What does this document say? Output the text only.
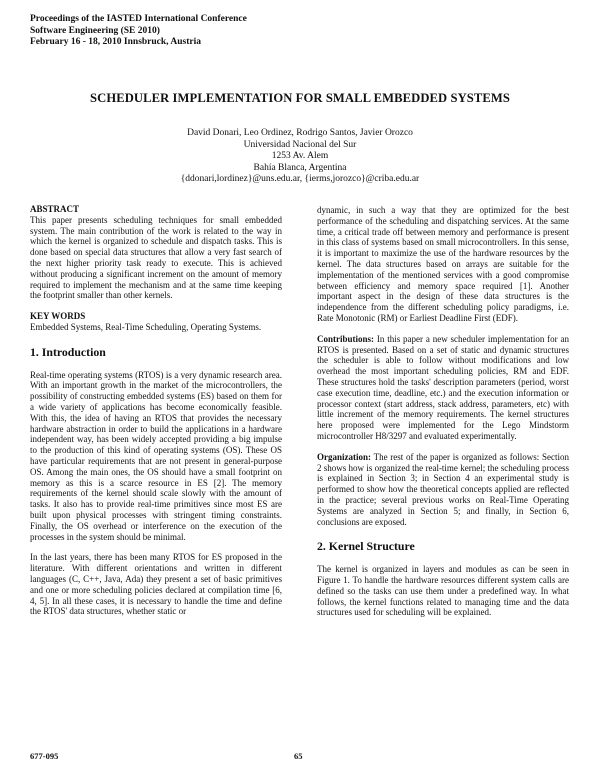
Proceedings of the IASTED International Conference
Software Engineering (SE 2010)
February 16 - 18, 2010 Innsbruck, Austria
SCHEDULER IMPLEMENTATION FOR SMALL EMBEDDED SYSTEMS
David Donari, Leo Ordinez, Rodrigo Santos, Javier Orozco
Universidad Nacional del Sur
1253 Av. Alem
Bahía Blanca, Argentina
{ddonari,lordinez}@uns.edu.ar, {ierms,jorozco}@criba.edu.ar
ABSTRACT

This paper presents scheduling techniques for small embedded system. The main contribution of the work is related to the way in which the kernel is organized to schedule and dispatch tasks. This is done based on special data structures that allow a very fast search of the next higher priority task ready to execute. This is achieved without producing a significant increment on the amount of memory required to implement the mechanism and at the same time keeping the footprint smaller than other kernels.

KEY WORDS

Embedded Systems, Real-Time Scheduling, Operating Systems.

1. Introduction

Real-time operating systems (RTOS) is a very dynamic research area. With an important growth in the market of the microcontrollers, the possibility of constructing embedded systems (ES) based on them for a wide variety of applications has become economically feasible. With this, the idea of having an RTOS that provides the necessary hardware abstraction in order to build the applications in a hardware independent way, has been widely accepted providing a big impulse to the production of this kind of operating systems (OS). These OS have particular requirements that are not present in general-purpose OS. Among the main ones, the OS should have a small footprint on memory as this is a scarce resource in ES [2]. The memory requirements of the kernel should scale slowly with the amount of tasks. It also has to provide real-time primitives since most ES are built upon physical processes with stringent timing constraints. Finally, the OS overhead or interference on the execution of the processes in the system should be minimal.

In the last years, there has been many RTOS for ES proposed in the literature. With different orientations and written in different languages (C, C++, Java, Ada) they present a set of basic primitives and one or more scheduling policies declared at compilation time [6, 4, 5]. In all these cases, it is necessary to handle the time and define the RTOS' data structures, whether static or

dynamic, in such a way that they are optimized for the best performance of the scheduling and dispatching services. At the same time, a critical trade off between memory and performance is present in this class of systems based on small microcontrollers. In this sense, it is important to maximize the use of the hardware resources by the kernel. The data structures based on arrays are suitable for the implementation of the mentioned services with a good compromise between efficiency and memory space required [1]. Another important aspect in the design of these data structures is the independence from the different scheduling policy paradigms, i.e. Rate Monotonic (RM) or Earliest Deadline First (EDF).

Contributions: In this paper a new scheduler implementation for an RTOS is presented. Based on a set of static and dynamic structures the scheduler is able to follow without modifications and low overhead the most important scheduling policies, RM and EDF. These structures hold the tasks' description parameters (period, worst case execution time, deadline, etc.) and the execution information or processor context (start address, stack address, parameters, etc) with little increment of the memory requirements. The kernel structures here proposed were implemented for the Lego Mindstorm microcontroller H8/3297 and evaluated experimentally.

Organization: The rest of the paper is organized as follows: Section 2 shows how is organized the real-time kernel; the scheduling process is explained in Section 3; in Section 4 an experimental study is performed to show how the theoretical concepts applied are reflected in the practice; several previous works on Real-Time Operating Systems are analyzed in Section 5; and finally, in Section 6, conclusions are exposed.

2. Kernel Structure

The kernel is organized in layers and modules as can be seen in Figure 1. To handle the hardware resources different system calls are defined so the tasks can use them under a predefined way. In what follows, the kernel functions related to managing time and the data structures used for scheduling will be explained.

677-095	65
